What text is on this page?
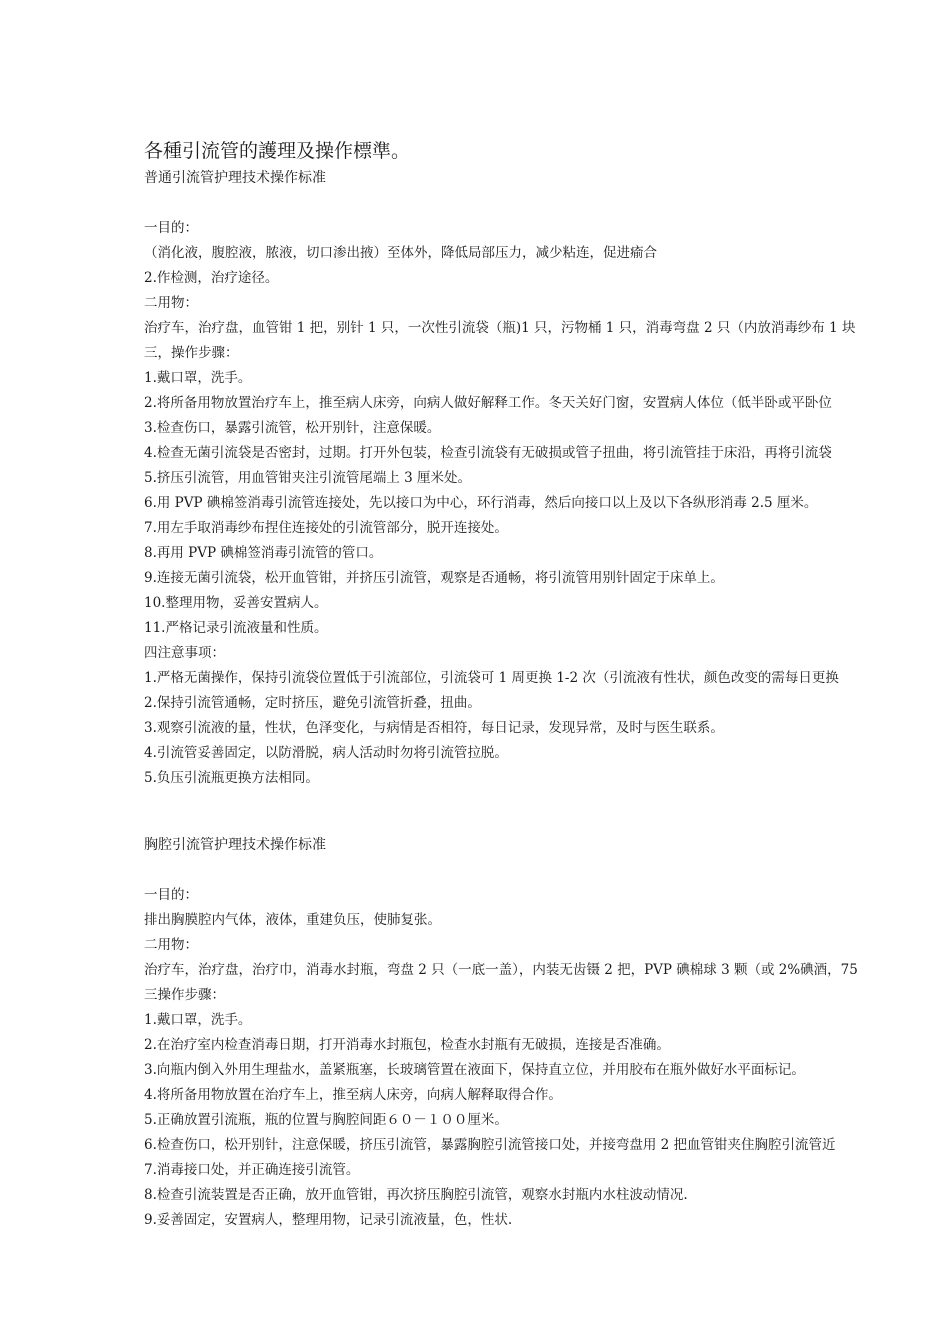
各種引流管的護理及操作標準。

普通引流管护理技术操作标准

一目的：

（消化液，腹腔液，脓液，切口渗出掖）至体外，降低局部压力，减少粘连，促进瘉合

2.作检测，治疗途径。

二用物：

治疗车，治疗盘，血管钳 1 把，别针 1 只，一次性引流袋（瓶)1 只，污物桶 1 只，消毒弯盘 2 只（内放消毒纱布 1 块

三，操作步骤：

1.戴口罩，洗手。

2.将所备用物放置治疗车上，推至病人床旁，向病人做好解释工作。冬天关好门窗，安置病人体位（低半卧或平卧位

3.检查伤口，暴露引流管，松开别针，注意保暖。

4.检查无菌引流袋是否密封，过期。打开外包装，检查引流袋有无破损或管子扭曲，将引流管挂于床沿，再将引流袋

5.挤压引流管，用血管钳夹注引流管尾端上 3 厘米处。

6.用 PVP 碘棉签消毒引流管连接处，先以接口为中心，环行消毒，然后向接口以上及以下各纵形消毒 2.5 厘米。

7.用左手取消毒纱布捏住连接处的引流管部分，脱开连接处。

8.再用 PVP 碘棉签消毒引流管的管口。

9.连接无菌引流袋，松开血管钳，并挤压引流管，观察是否通畅，将引流管用别针固定于床单上。

10.整理用物，妥善安置病人。

11.严格记录引流液量和性质。

四注意事项：

1.严格无菌操作，保持引流袋位置低于引流部位，引流袋可 1 周更换 1-2 次（引流液有性状，颜色改变的需每日更换

2.保持引流管通畅，定时挤压，避免引流管折叠，扭曲。

3.观察引流液的量，性状，色泽变化，与病情是否相符，每日记录，发现异常，及时与医生联系。

4.引流管妥善固定，以防滑脱，病人活动时勿将引流管拉脱。

5.负压引流瓶更换方法相同。

胸腔引流管护理技术操作标准

一目的：

排出胸膜腔内气体，液体，重建负压，使肺复张。

二用物：

治疗车，治疗盘，治疗巾，消毒水封瓶，弯盘 2 只（一底一盖），内装无齿镊 2 把，PVP 碘棉球 3 颗（或 2%碘酒，75

三操作步骤：

1.戴口罩，洗手。

2.在治疗室内检查消毒日期，打开消毒水封瓶包，检查水封瓶有无破损，连接是否准确。

3.向瓶内倒入外用生理盐水，盖紧瓶塞，长玻璃管置在液面下，保持直立位，并用胶布在瓶外做好水平面标记。

4.将所备用物放置在治疗车上，推至病人床旁，向病人解释取得合作。

5.正确放置引流瓶，瓶的位置与胸腔间距６０－１００厘米。

6.检查伤口，松开别针，注意保暖，挤压引流管，暴露胸腔引流管接口处，并接弯盘用 2 把血管钳夹住胸腔引流管近

7.消毒接口处，并正确连接引流管。

8.检查引流装置是否正确，放开血管钳，再次挤压胸腔引流管，观察水封瓶内水柱波动情况.

9.妥善固定，安置病人，整理用物，记录引流液量，色，性状.
